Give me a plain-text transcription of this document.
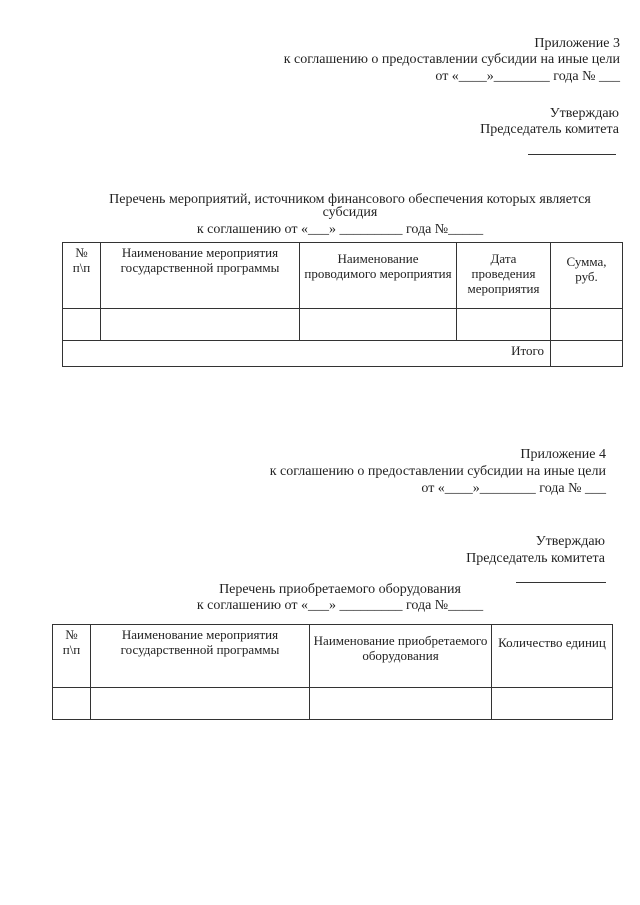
Приложение 3
к соглашению о предоставлении субсидии на иные цели
от «____»________ года № ___
Утверждаю
Председатель комитета
Перечень мероприятий, источником финансового обеспечения которых является
субсидия
к соглашению от «___» _________ года №_____
№ п\п	Наименование мероприятия государственной программы	Наименование проводимого мероприятия	Дата проведения мероприятия	Сумма, руб.

Итого				
Приложение 4
к соглашению о предоставлении субсидии на иные цели
от «____»________ года № ___
Утверждаю
Председатель комитета
Перечень приобретаемого оборудования
к соглашению от «___» _________ года №_____
№ п\п	Наименование мероприятия государственной программы	Наименование приобретаемого оборудования	Количество единиц
